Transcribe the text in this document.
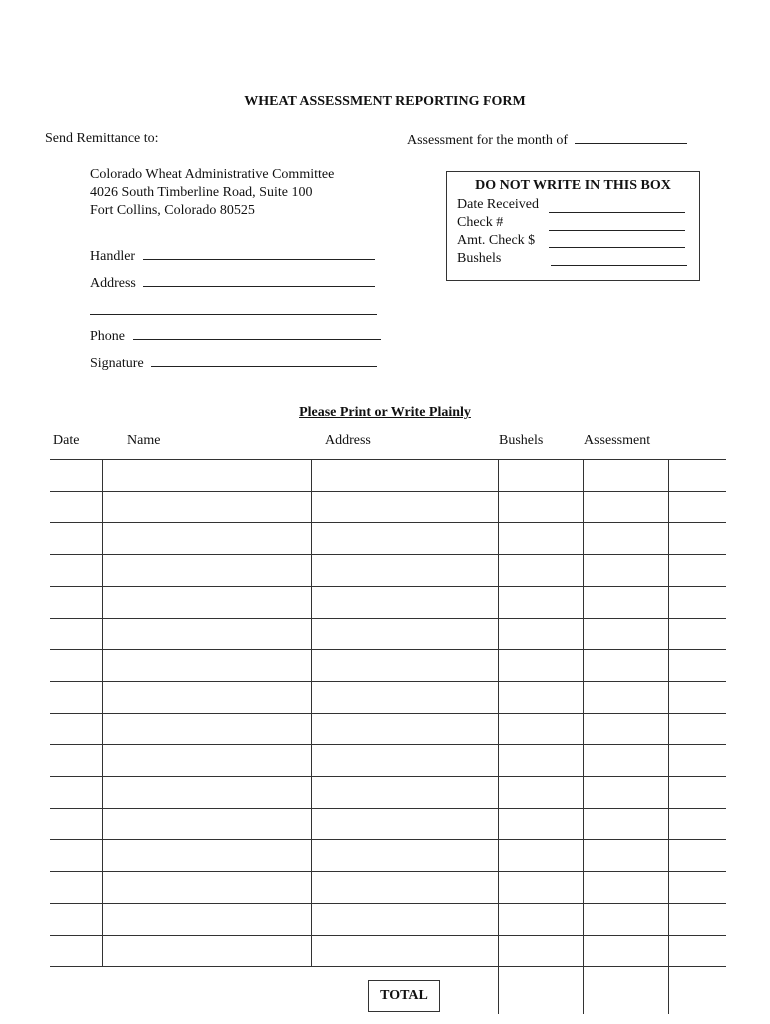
WHEAT ASSESSMENT REPORTING FORM
Send Remittance to:	Assessment for the month of
Colorado Wheat Administrative Committee
4026 South Timberline Road, Suite 100
Fort Collins, Colorado 80525
Handler
Address
Phone
Signature
DO NOT WRITE IN THIS BOX
Date Received
Check #
Amt. Check $
Bushels
Please Print or Write Plainly
Date	Name	Address	Bushels	Assessment
TOTAL
